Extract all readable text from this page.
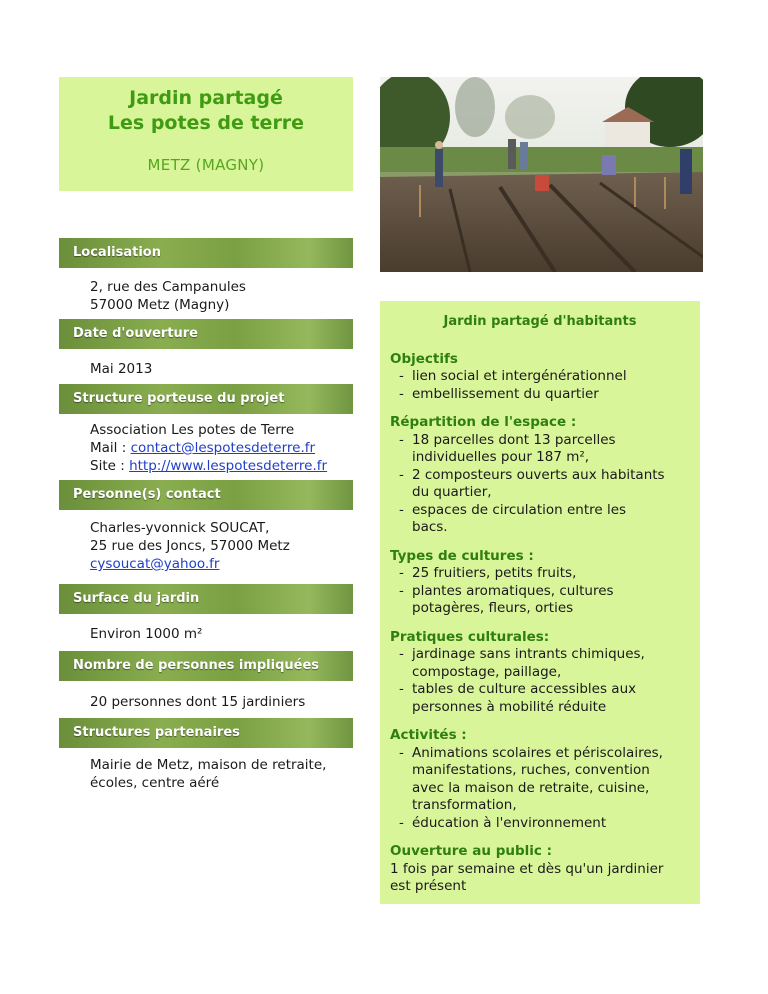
Jardin partagé
Les potes de terre
METZ (MAGNY)
Localisation
2, rue des Campanules
57000 Metz (Magny)
Date d'ouverture
Mai 2013
Structure porteuse du projet
Association Les potes de Terre
Mail : contact@lespotesdeterre.fr
Site : http://www.lespotesdeterre.fr
Personne(s) contact
Charles-yvonnick SOUCAT,
25 rue des Joncs, 57000 Metz
cysoucat@yahoo.fr
Surface du jardin
Environ 1000 m²
Nombre de personnes impliquées
20 personnes dont 15 jardiniers
Structures partenaires
Mairie de Metz, maison de retraite,
écoles, centre aéré
Jardin partagé d'habitants
Objectifs
- lien social et intergénérationnel
- embellissement du quartier
Répartition de l'espace :
- 18 parcelles dont 13 parcelles
individuelles pour 187 m²,
- 2 composteurs ouverts aux habitants
du quartier,
- espaces de circulation entre les
bacs.
Types de cultures :
- 25 fruitiers, petits fruits,
- plantes aromatiques, cultures
potagères, fleurs, orties
Pratiques culturales:
- jardinage sans intrants chimiques,
compostage, paillage,
- tables de culture accessibles aux
personnes à mobilité réduite
Activités :
- Animations scolaires et périscolaires,
manifestations, ruches, convention
avec la maison de retraite, cuisine,
transformation,
- éducation à l'environnement
Ouverture au public :
1 fois par semaine et dès qu'un jardinier
est présent
